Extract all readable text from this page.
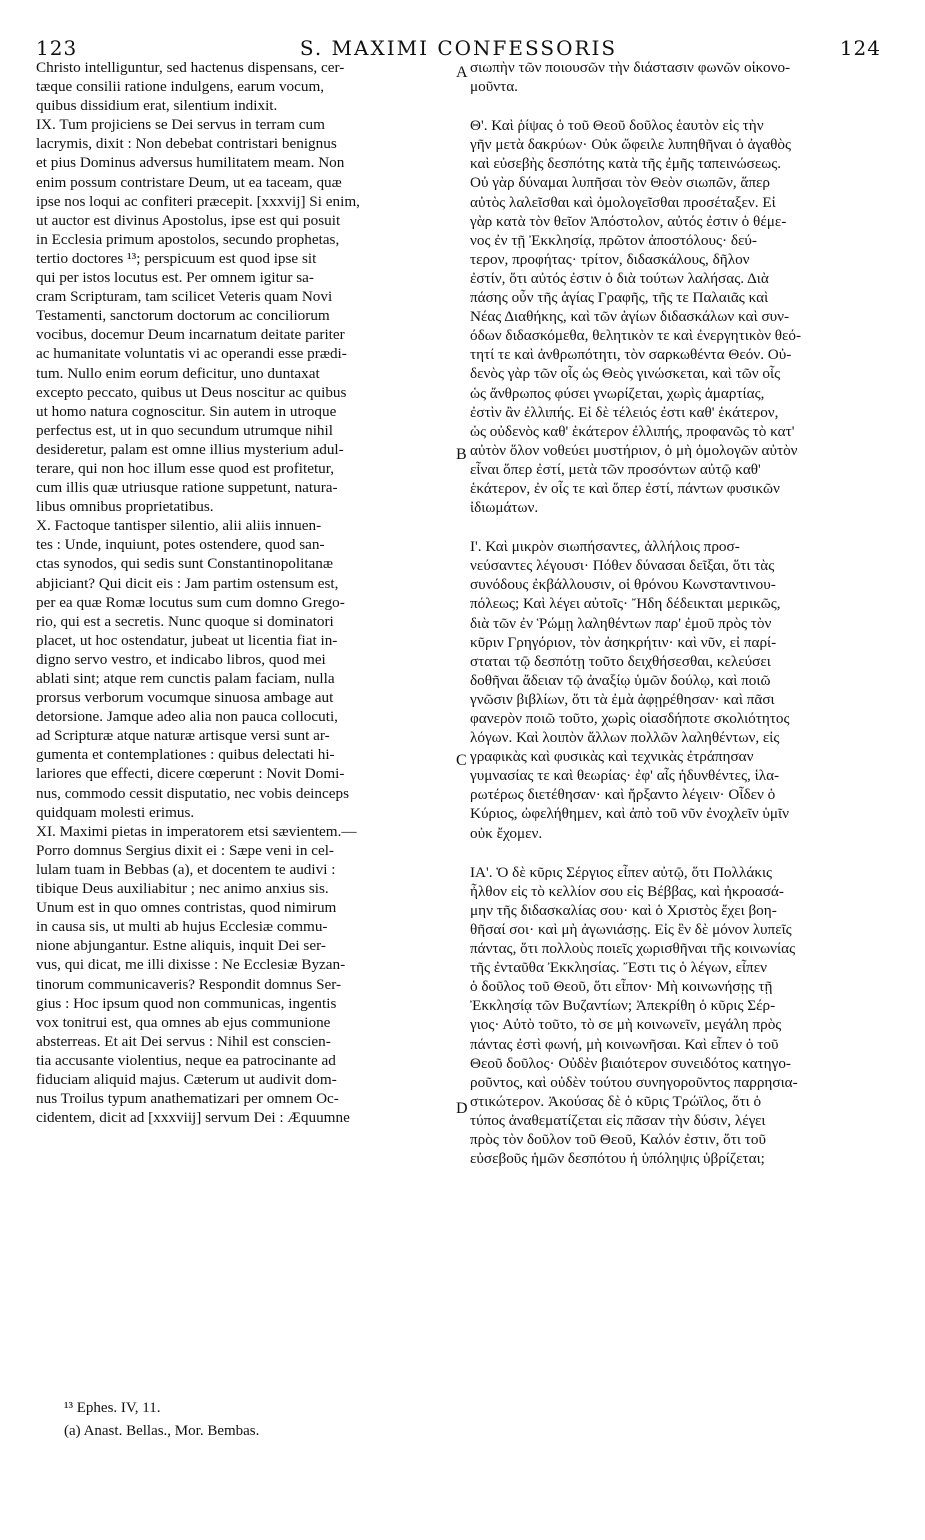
123	S. MAXIMI CONFESSORIS	124
Christo intelliguntur, sed hactenus dispensans, cer-
tæque consilii ratione indulgens, earum vocum,
quibus dissidium erat, silentium indixit.
IX. Tum projiciens se Dei servus in terram cum
lacrymis, dixit : Non debebat contristari benignus
et pius Dominus adversus humilitatem meam. Non
enim possum contristare Deum, ut ea taceam, quæ
ipse nos loqui ac confiteri præcepit. [xxxvij] Si enim,
ut auctor est divinus Apostolus, ipse est qui posuit
in Ecclesia primum apostolos, secundo prophetas,
tertio doctores ¹³; perspicuum est quod ipse sit
qui per istos locutus est. Per omnem igitur sa-
cram Scripturam, tam scilicet Veteris quam Novi
Testamenti, sanctorum doctorum ac conciliorum
vocibus, docemur Deum incarnatum deitate pariter
ac humanitate voluntatis vi ac operandi esse prædi-
tum. Nullo enim eorum deficitur, uno duntaxat
excepto peccato, quibus ut Deus noscitur ac quibus
ut homo natura cognoscitur. Sin autem in utroque
perfectus est, ut in quo secundum utrumque nihil
desideretur, palam est omne illius mysterium adul-
terare, qui non hoc illum esse quod est profitetur,
cum illis quæ utriusque ratione suppetunt, natura-
libus omnibus proprietatibus.
X. Factoque tantisper silentio, alii aliis innuen-
tes : Unde, inquiunt, potes ostendere, quod san-
ctas synodos, qui sedis sunt Constantinopolitanæ
abjiciant? Qui dicit eis : Jam partim ostensum est,
per ea quæ Romæ locutus sum cum domno Grego-
rio, qui est a secretis. Nunc quoque si dominatori
placet, ut hoc ostendatur, jubeat ut licentia fiat in-
digno servo vestro, et indicabo libros, quod mei
ablati sint; atque rem cunctis palam faciam, nulla
prorsus verborum vocumque sinuosa ambage aut
detorsione. Jamque adeo alia non pauca collocuti,
ad Scripturæ atque naturæ artisque versi sunt ar-
gumenta et contemplationes : quibus delectati hi-
lariores que effecti, dicere cœperunt : Novit Domi-
nus, commodo cessit disputatio, nec vobis deinceps
quidquam molesti erimus.
XI. Maximi pietas in imperatorem etsi sævientem.—
Porro domnus Sergius dixit ei : Sæpe veni in cel-
lulam tuam in Bebbas (a), et docentem te audivi :
tibique Deus auxiliabitur ; nec animo anxius sis.
Unum est in quo omnes contristas, quod nimirum
in causa sis, ut multi ab hujus Ecclesiæ commu-
nione abjungantur. Estne aliquis, inquit Dei ser-
vus, qui dicat, me illi dixisse : Ne Ecclesiæ Byzan-
tinorum communicaveris? Respondit domnus Ser-
gius : Hoc ipsum quod non communicas, ingentis
vox tonitrui est, qua omnes ab ejus communione
absterreas. Et ait Dei servus : Nihil est conscien-
tia accusante violentius, neque ea patrocinante ad
fiduciam aliquid majus. Cæterum ut audivit dom-
nus Troilus typum anathematizari per omnem Oc-
cidentem, dicit ad [xxxviij] servum Dei : Æquumne
σιωπὴν τῶν ποιουσῶν τὴν διάστασιν φωνῶν οἰκονο-
μοῦντα.
Θ'. Καὶ ῥίψας ὁ τοῦ Θεοῦ δοῦλος ἑαυτὸν εἰς τὴν
γῆν μετὰ δακρύων· Οὐκ ὤφειλε λυπηθῆναι ὁ ἀγαθὸς
καὶ εὐσεβὴς δεσπότης κατὰ τῆς ἐμῆς ταπεινώσεως.
Οὐ γὰρ δύναμαι λυπῆσαι τὸν Θεὸν σιωπῶν, ἅπερ
αὐτὸς λαλεῖσθαι καὶ ὁμολογεῖσθαι προσέταξεν. Εἰ
γὰρ κατὰ τὸν θεῖον Ἀπόστολον, αὐτός ἐστιν ὁ θέμε-
νος ἐν τῇ Ἐκκλησίᾳ, πρῶτον ἀποστόλους· δεύ-
τερον, προφήτας· τρίτον, διδασκάλους, δῆλον
ἐστίν, ὅτι αὐτός ἐστιν ὁ διὰ τούτων λαλήσας. Διὰ
πάσης οὖν τῆς ἁγίας Γραφῆς, τῆς τε Παλαιᾶς καὶ
Νέας Διαθήκης, καὶ τῶν ἁγίων διδασκάλων καὶ συν-
όδων διδασκόμεθα, θελητικὸν τε καὶ ἐνεργητικὸν θεό-
τητί τε καὶ ἀνθρωπότητι, τὸν σαρκωθέντα Θεόν. Οὐ-
δενὸς γὰρ τῶν οἷς ὡς Θεὸς γινώσκεται, καὶ τῶν οἷς
ὡς ἄνθρωπος φύσει γνωρίζεται, χωρὶς ἁμαρτίας,
ἐστὶν ἂν ἐλλιπής. Εἰ δὲ τέλειός ἐστι καθ' ἑκάτερον,
ὡς οὐδενὸς καθ' ἑκάτερον ἐλλιπής, προφανῶς τὸ κατ'
αὐτὸν ὅλον νοθεύει μυστήριον, ὁ μὴ ὁμολογῶν αὐτὸν
εἶναι ὅπερ ἐστί, μετὰ τῶν προσόντων αὐτῷ καθ'
ἑκάτερον, ἐν οἷς τε καὶ ὅπερ ἐστί, πάντων φυσικῶν
ἰδιωμάτων.
Ι'. Καὶ μικρὸν σιωπήσαντες, ἀλλήλοις προσ-
νεύσαντες λέγουσι· Πόθεν δύνασαι δεῖξαι, ὅτι τὰς
συνόδους ἐκβάλλουσιν, οἱ θρόνου Κωνσταντινου-
πόλεως; Καὶ λέγει αὐτοῖς· Ἤδη δέδεικται μερικῶς,
διὰ τῶν ἐν Ῥώμῃ λαληθέντων παρ' ἐμοῦ πρὸς τὸν
κῦριν Γρηγόριον, τὸν ἀσηκρήτιν· καὶ νῦν, εἰ παρί-
σταται τῷ δεσπότῃ τοῦτο δειχθήσεσθαι, κελεύσει
δοθῆναι ἄδειαν τῷ ἀναξίῳ ὑμῶν δούλῳ, καὶ ποιῶ
γνῶσιν βιβλίων, ὅτι τὰ ἐμὰ ἀφῃρέθησαν· καὶ πᾶσι
φανερὸν ποιῶ τοῦτο, χωρὶς οἱασδήποτε σκολιότητος
λόγων. Καὶ λοιπὸν ἄλλων πολλῶν λαληθέντων, εἰς
γραφικὰς καὶ φυσικὰς καὶ τεχνικὰς ἐτράπησαν
γυμνασίας τε καὶ θεωρίας· ἐφ' αἷς ἡδυνθέντες, ἱλα-
ρωτέρως διετέθησαν· καὶ ἤρξαντο λέγειν· Οἶδεν ὁ
Κύριος, ὠφελήθημεν, καὶ ἀπὸ τοῦ νῦν ἐνοχλεῖν ὑμῖν
οὐκ ἔχομεν.
ΙΑ'. Ὁ δὲ κῦρις Σέργιος εἶπεν αὐτῷ, ὅτι Πολλάκις
ἦλθον εἰς τὸ κελλίον σου εἰς Βέββας, καὶ ἠκροασά-
μην τῆς διδασκαλίας σου· καὶ ὁ Χριστὸς ἔχει βοη-
θῆσαί σοι· καὶ μὴ ἀγωνιάσῃς. Εἰς ἓν δὲ μόνον λυπεῖς
πάντας, ὅτι πολλοὺς ποιεῖς χωρισθῆναι τῆς κοινωνίας
τῆς ἐνταῦθα Ἐκκλησίας. Ἔστι τις ὁ λέγων, εἶπεν
ὁ δοῦλος τοῦ Θεοῦ, ὅτι εἶπον· Μὴ κοινωνήσῃς τῇ
Ἐκκλησίᾳ τῶν Βυζαντίων; Ἀπεκρίθη ὁ κῦρις Σέρ-
γιος· Αὐτὸ τοῦτο, τὸ σε μὴ κοινωνεῖν, μεγάλη πρὸς
πάντας ἐστὶ φωνή, μὴ κοινωνῆσαι. Καὶ εἶπεν ὁ τοῦ
Θεοῦ δοῦλος· Οὐδὲν βιαιότερον συνειδότος κατηγο-
ροῦντος, καὶ οὐδὲν τούτου συνηγοροῦντος παρρησια-
στικώτερον. Ἀκούσας δὲ ὁ κῦρις Τρώϊλος, ὅτι ὁ
τύπος ἀναθεματίζεται εἰς πᾶσαν τὴν δύσιν, λέγει
πρὸς τὸν δοῦλον τοῦ Θεοῦ, Καλόν ἐστιν, ὅτι τοῦ
εὐσεβοῦς ἡμῶν δεσπότου ἡ ὑπόληψις ὑβρίζεται;
A
B
C
D
¹³ Ephes. IV, 11.
(a) Anast. Bellas., Mor. Bembas.
